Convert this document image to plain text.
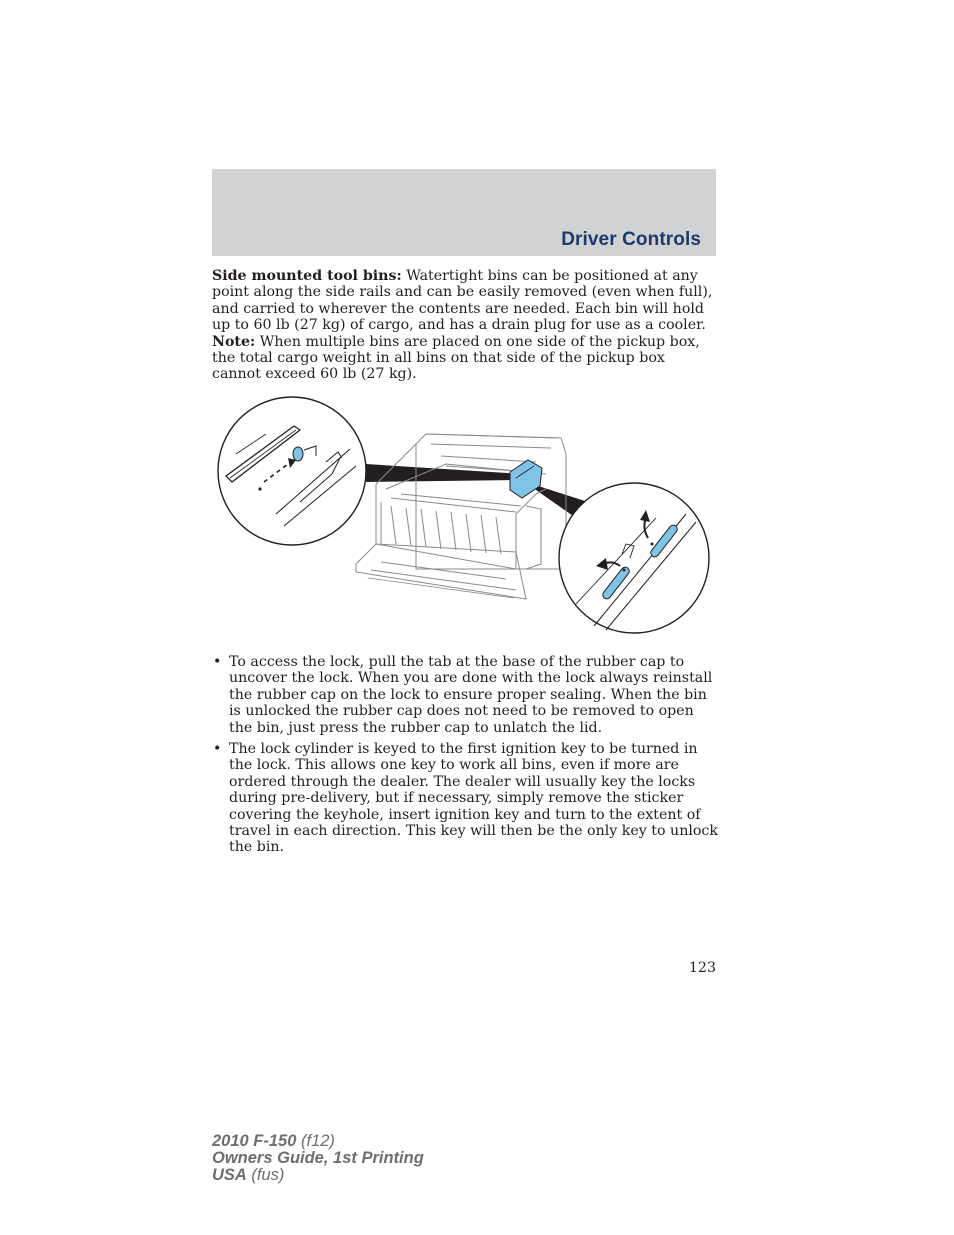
Driver Controls

Side mounted tool bins: Watertight bins can be positioned at any point along the side rails and can be easily removed (even when full), and carried to wherever the contents are needed. Each bin will hold up to 60 lb (27 kg) of cargo, and has a drain plug for use as a cooler. Note: When multiple bins are placed on one side of the pickup box, the total cargo weight in all bins on that side of the pickup box cannot exceed 60 lb (27 kg).

• To access the lock, pull the tab at the base of the rubber cap to uncover the lock. When you are done with the lock always reinstall the rubber cap on the lock to ensure proper sealing. When the bin is unlocked the rubber cap does not need to be removed to open the bin, just press the rubber cap to unlatch the lid.
• The lock cylinder is keyed to the first ignition key to be turned in the lock. This allows one key to work all bins, even if more are ordered through the dealer. The dealer will usually key the locks during pre-delivery, but if necessary, simply remove the sticker covering the keyhole, insert ignition key and turn to the extent of travel in each direction. This key will then be the only key to unlock the bin.
123
2010 F-150 (f12)
Owners Guide, 1st Printing
USA (fus)
